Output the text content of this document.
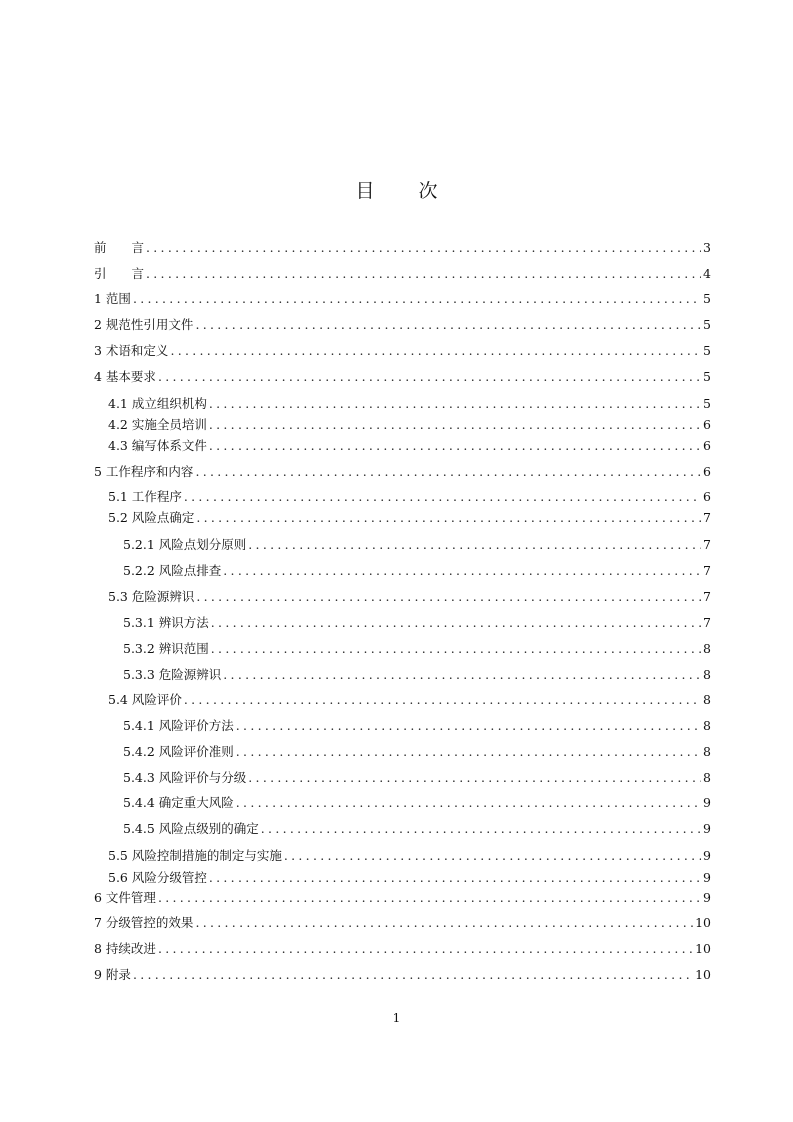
目次
前　　言 .....	3
引　　言 .....	4
1 范围 .....	5
2 规范性引用文件 .....	5
3 术语和定义 .....	5
4 基本要求 .....	5
4.1 成立组织机构 .....	5
4.2 实施全员培训 .....	6
4.3 编写体系文件 .....	6
5 工作程序和内容 .....	6
5.1 工作程序 .....	6
5.2 风险点确定 .....	7
5.2.1 风险点划分原则 .....	7
5.2.2 风险点排查 .....	7
5.3 危险源辨识 .....	7
5.3.1 辨识方法 .....	7
5.3.2 辨识范围 .....	8
5.3.3 危险源辨识 .....	8
5.4 风险评价 .....	8
5.4.1 风险评价方法 .....	8
5.4.2 风险评价准则 .....	8
5.4.3 风险评价与分级 .....	8
5.4.4 确定重大风险 .....	9
5.4.5 风险点级别的确定 .....	9
5.5 风险控制措施的制定与实施 .....	9
5.6 风险分级管控 .....	9
6 文件管理 .....	9
7 分级管控的效果 .....	10
8 持续改进 .....	10
9 附录 .....	10
1
